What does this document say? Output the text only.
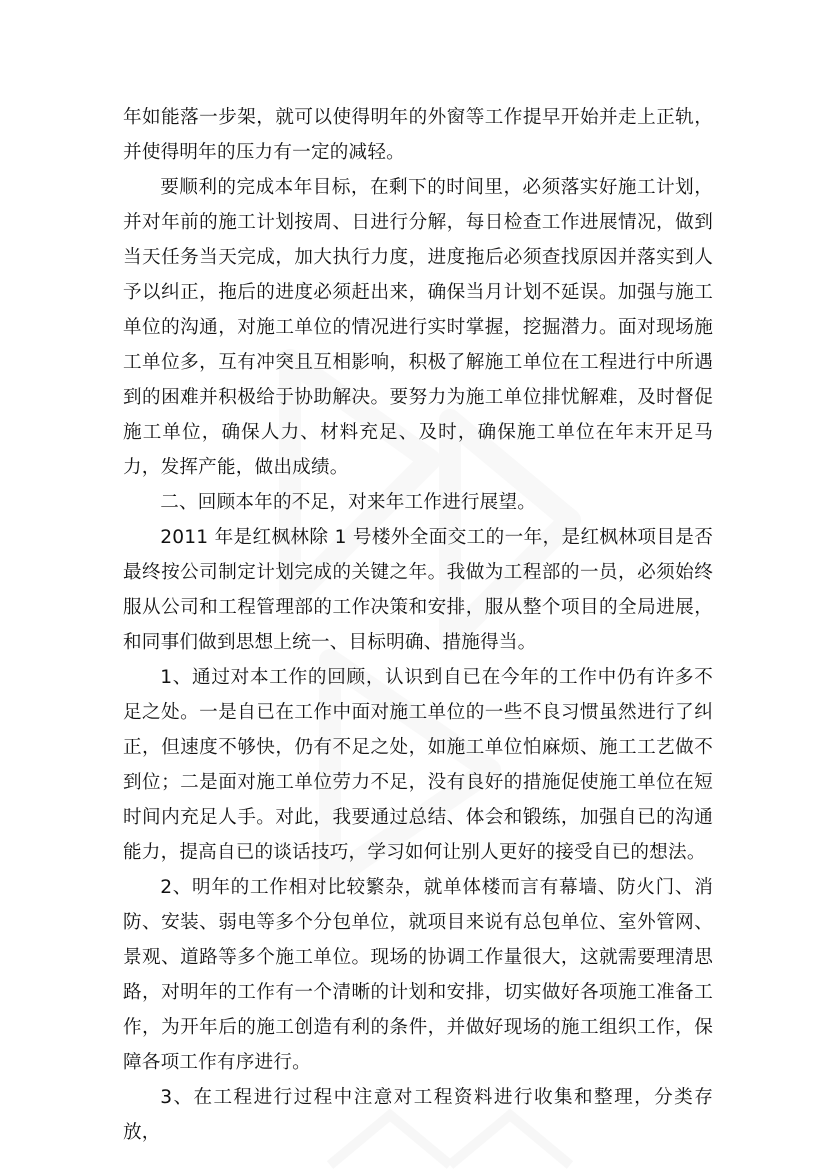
年如能落一步架，就可以使得明年的外窗等工作提早开始并走上正轨，并使得明年的压力有一定的减轻。

要顺利的完成本年目标，在剩下的时间里，必须落实好施工计划，并对年前的施工计划按周、日进行分解，每日检查工作进展情况，做到当天任务当天完成，加大执行力度，进度拖后必须查找原因并落实到人予以纠正，拖后的进度必须赶出来，确保当月计划不延误。加强与施工单位的沟通，对施工单位的情况进行实时掌握，挖掘潜力。面对现场施工单位多，互有冲突且互相影响，积极了解施工单位在工程进行中所遇到的困难并积极给于协助解决。要努力为施工单位排忧解难，及时督促施工单位，确保人力、材料充足、及时，确保施工单位在年末开足马力，发挥产能，做出成绩。

二、回顾本年的不足，对来年工作进行展望。

2011 年是红枫林除 1 号楼外全面交工的一年，是红枫林项目是否最终按公司制定计划完成的关键之年。我做为工程部的一员，必须始终服从公司和工程管理部的工作决策和安排，服从整个项目的全局进展，和同事们做到思想上统一、目标明确、措施得当。

1、通过对本工作的回顾，认识到自已在今年的工作中仍有许多不足之处。一是自已在工作中面对施工单位的一些不良习惯虽然进行了纠正，但速度不够快，仍有不足之处，如施工单位怕麻烦、施工工艺做不到位；二是面对施工单位劳力不足，没有良好的措施促使施工单位在短时间内充足人手。对此，我要通过总结、体会和锻练，加强自已的沟通能力，提高自已的谈话技巧，学习如何让别人更好的接受自已的想法。

2、明年的工作相对比较繁杂，就单体楼而言有幕墙、防火门、消防、安装、弱电等多个分包单位，就项目来说有总包单位、室外管网、景观、道路等多个施工单位。现场的协调工作量很大，这就需要理清思路，对明年的工作有一个清晰的计划和安排，切实做好各项施工准备工作，为开年后的施工创造有利的条件，并做好现场的施工组织工作，保障各项工作有序进行。

3、在工程进行过程中注意对工程资料进行收集和整理，分类存放，
